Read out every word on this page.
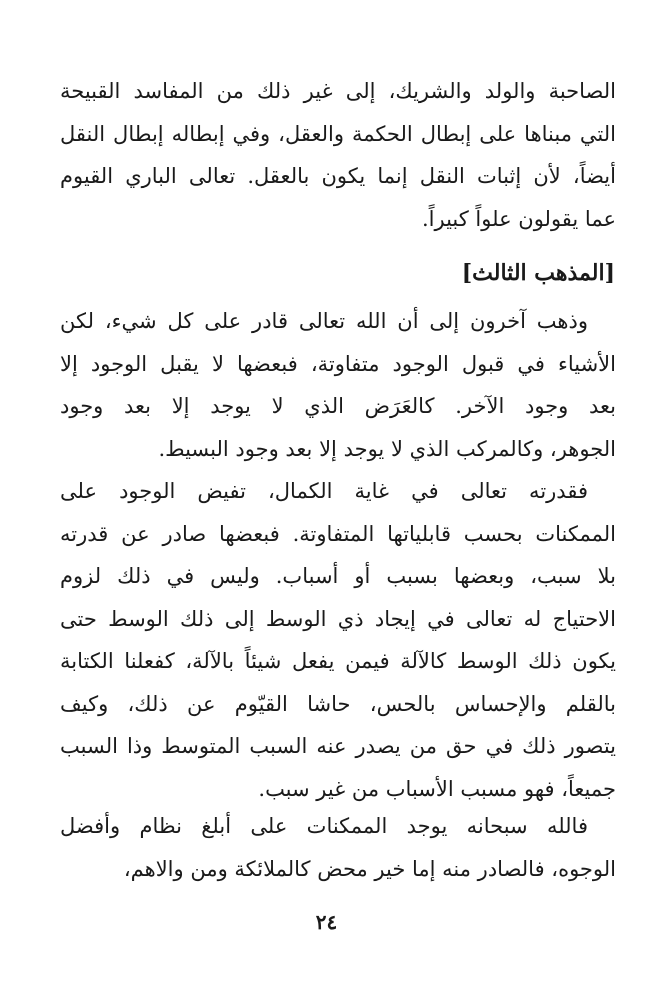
الصاحبة والولد والشريك، إلى غير ذلك من المفاسد القبيحة
التي مبناها على إبطال الحكمة والعقل، وفي إبطاله إبطال النقل
أيضاً، لأن إثبات النقل إنما يكون بالعقل. تعالى الباري القيوم
عما يقولون علواً كبيراً.
[المذهب الثالث]
وذهب آخرون إلى أن الله تعالى قادر على كل شيء، لكن
الأشياء في قبول الوجود متفاوتة، فبعضها لا يقبل الوجود إلا
بعد وجود الآخر. كالعَرَض الذي لا يوجد إلا بعد وجود
الجوهر، وكالمركب الذي لا يوجد إلا بعد وجود البسيط.
فقدرته تعالى في غاية الكمال، تفيض الوجود على
الممكنات بحسب قابلياتها المتفاوتة. فبعضها صادر عن قدرته
بلا سبب، وبعضها بسبب أو أسباب. وليس في ذلك لزوم
الاحتياج له تعالى في إيجاد ذي الوسط إلى ذلك الوسط حتى
يكون ذلك الوسط كالآلة فيمن يفعل شيئاً بالآلة، كفعلنا الكتابة
بالقلم والإحساس بالحس، حاشا القيّوم عن ذلك، وكيف
يتصور ذلك في حق من يصدر عنه السبب المتوسط وذا السبب
جميعاً، فهو مسبب الأسباب من غير سبب.
فالله سبحانه يوجد الممكنات على أبلغ نظام وأفضل
الوجوه، فالصادر منه إما خير محض كالملائكة ومن والاهم،
٢٤
